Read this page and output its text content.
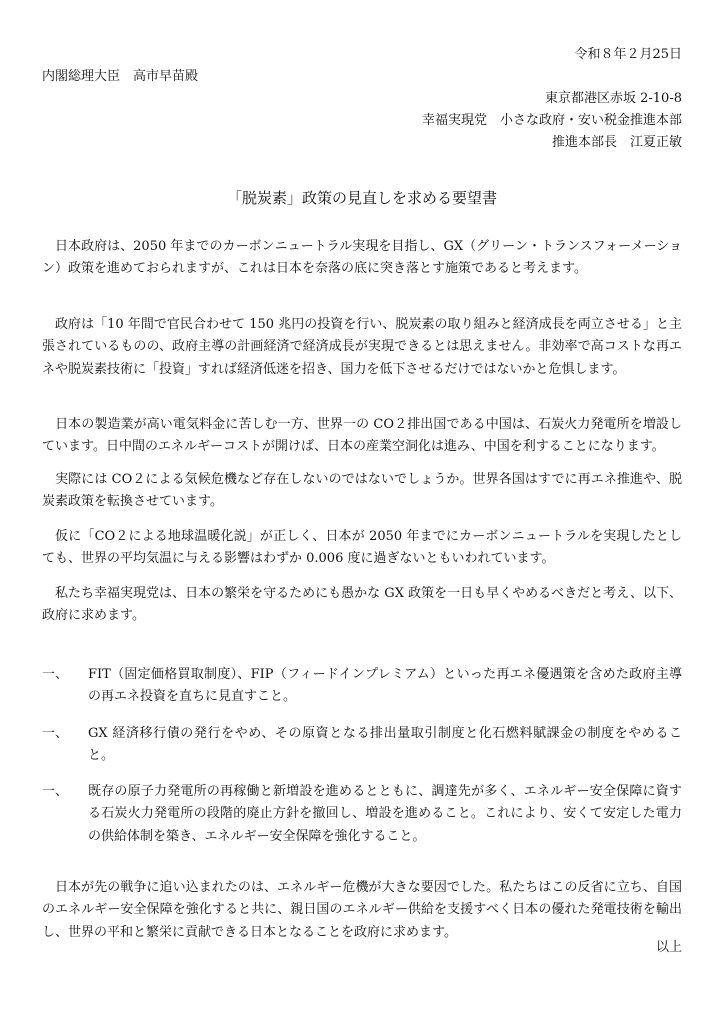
令和８年２月25日
内閣総理大臣　高市早苗殿
東京都港区赤坂 2-10-8
幸福実現党　小さな政府・安い税金推進本部
推進本部長　江夏正敏
「脱炭素」政策の見直しを求める要望書
日本政府は、2050 年までのカーボンニュートラル実現を目指し、GX（グリーン・トランスフォーメーション）政策を進めておられますが、これは日本を奈落の底に突き落とす施策であると考えます。
政府は「10 年間で官民合わせて 150 兆円の投資を行い、脱炭素の取り組みと経済成長を両立させる」と主張されているものの、政府主導の計画経済で経済成長が実現できるとは思えません。非効率で高コストな再エネや脱炭素技術に「投資」すれば経済低迷を招き、国力を低下させるだけではないかと危惧します。
日本の製造業が高い電気料金に苦しむ一方、世界一の CO２排出国である中国は、石炭火力発電所を増設しています。日中間のエネルギーコストが開けば、日本の産業空洞化は進み、中国を利することになります。
実際には CO２による気候危機など存在しないのではないでしょうか。世界各国はすでに再エネ推進や、脱炭素政策を転換させています。
仮に「CO２による地球温暖化説」が正しく、日本が 2050 年までにカーボンニュートラルを実現したとしても、世界の平均気温に与える影響はわずか 0.006 度に過ぎないともいわれています。
私たち幸福実現党は、日本の繁栄を守るためにも愚かな GX 政策を一日も早くやめるべきだと考え、以下、政府に求めます。
一、	FIT（固定価格買取制度）、FIP（フィードインプレミアム）といった再エネ優遇策を含めた政府主導の再エネ投資を直ちに見直すこと。
一、	GX 経済移行債の発行をやめ、その原資となる排出量取引制度と化石燃料賦課金の制度をやめること。
一、	既存の原子力発電所の再稼働と新増設を進めるとともに、調達先が多く、エネルギー安全保障に資する石炭火力発電所の段階的廃止方針を撤回し、増設を進めること。これにより、安くて安定した電力の供給体制を築き、エネルギー安全保障を強化すること。
日本が先の戦争に追い込まれたのは、エネルギー危機が大きな要因でした。私たちはこの反省に立ち、自国のエネルギー安全保障を強化すると共に、親日国のエネルギー供給を支援すべく日本の優れた発電技術を輸出し、世界の平和と繁栄に貢献できる日本となることを政府に求めます。
以上
